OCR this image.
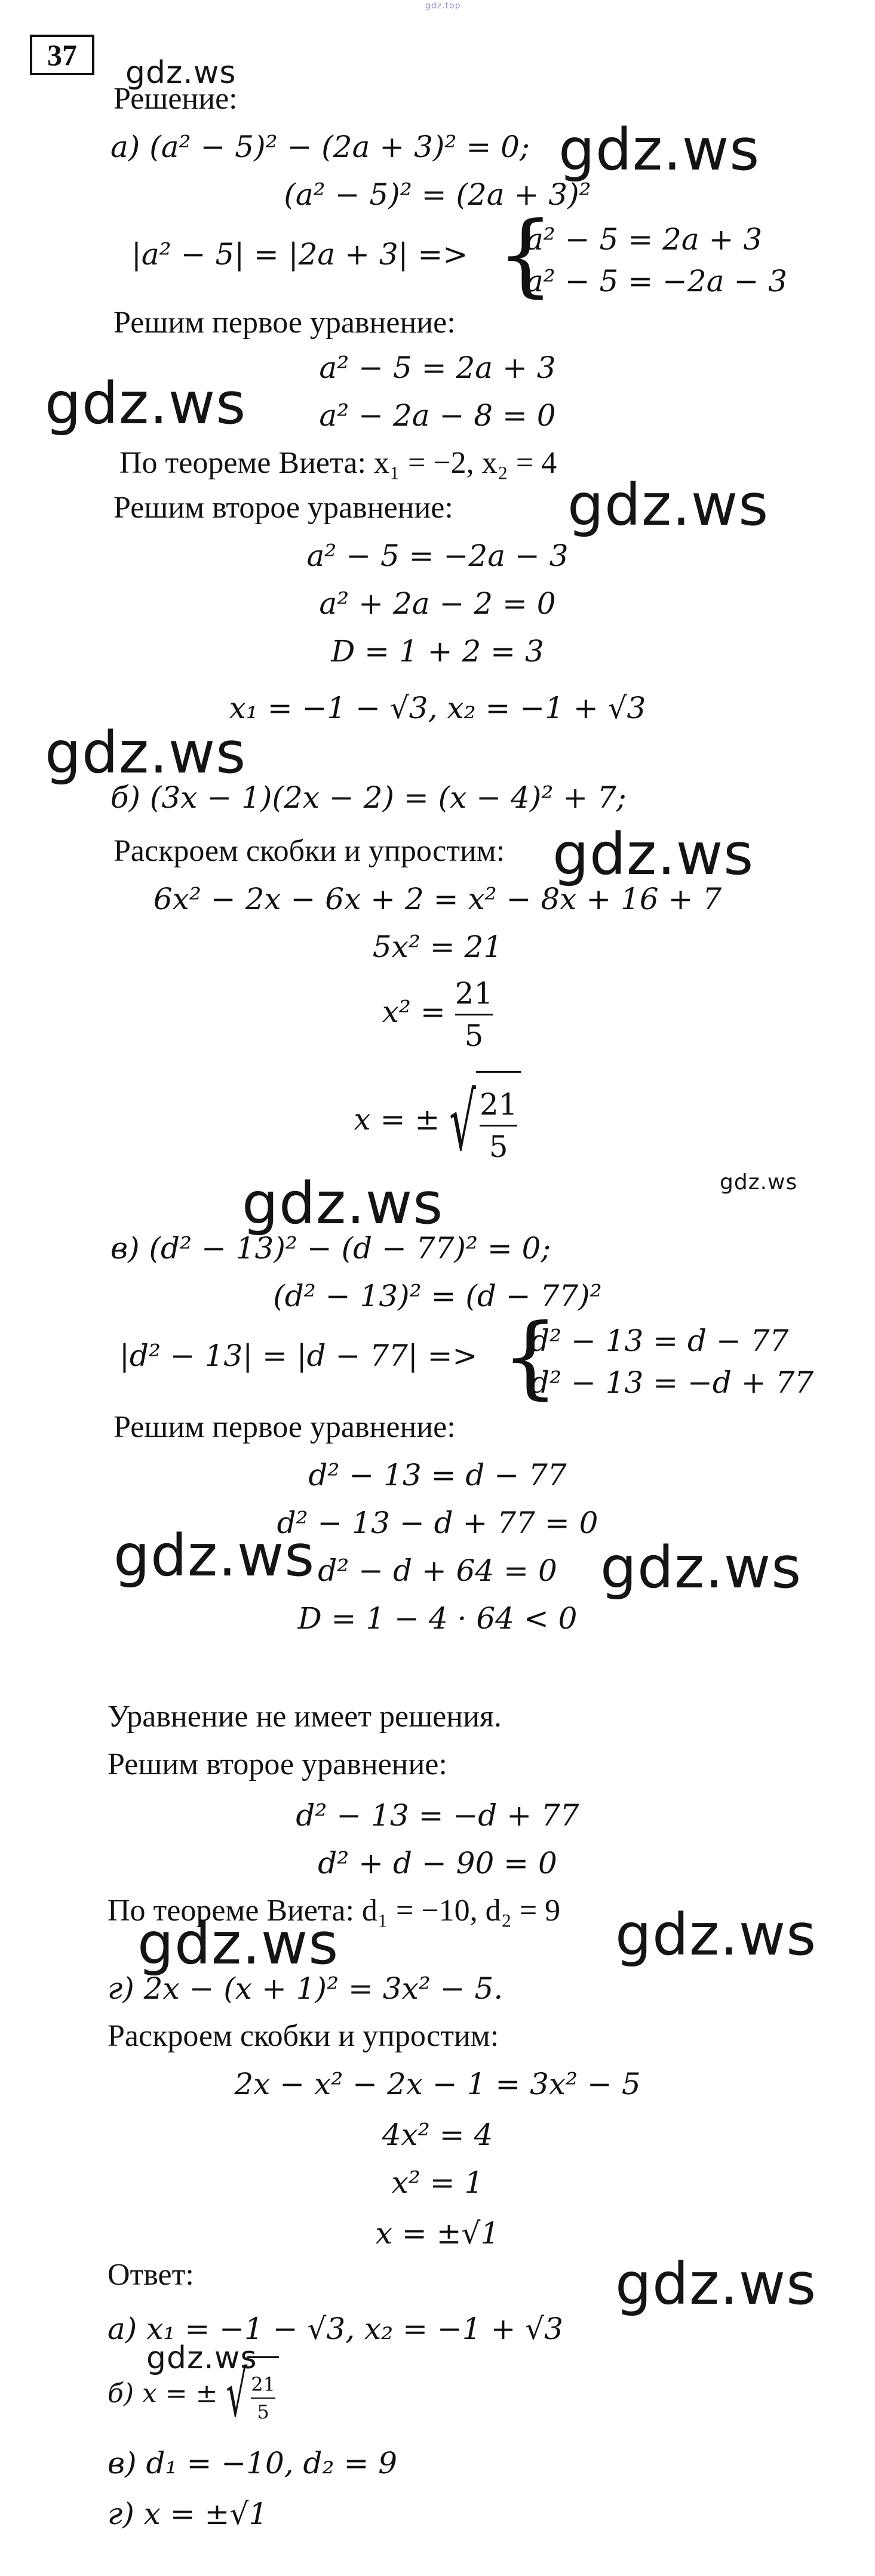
gdz.top
37	gdz.ws
gdz.ws
gdz.ws
gdz.ws
gdz.ws
gdz.ws
gdz.ws	gdz.ws
gdz.ws	gdz.ws
gdz.ws	gdz.ws
gdz.ws
gdz.ws
Решение:
а) (a² − 5)² − (2a + 3)² = 0;
(a² − 5)² = (2a + 3)²
|a² − 5| = |2a + 3| => {
a² − 5 = 2a + 3
a² − 5 = −2a − 3
Решим первое уравнение:
a² − 5 = 2a + 3
a² − 2a − 8 = 0
По теореме Виета: x₁ = −2, x₂ = 4
Решим второе уравнение:
a² − 5 = −2a − 3
a² + 2a − 2 = 0
D = 1 + 2 = 3
x₁ = −1 − √3, x₂ = −1 + √3
б) (3x − 1)(2x − 2) = (x − 4)² + 7;
Раскроем скобки и упростим:
6x² − 2x − 6x + 2 = x² − 8x + 16 + 7
5x² = 21
$x^2 = \frac{21}{5}$
x = ± √ $\frac{21}{5}$
в) (d² − 13)² − (d − 77)² = 0;
(d² − 13)² = (d − 77)²
|d² − 13| = |d − 77| => {
d² − 13 = d − 77
d² − 13 = −d + 77
Решим первое уравнение:
d² − 13 = d − 77
d² − 13 − d + 77 = 0
d² − d + 64 = 0
D = 1 − 4 · 64 < 0
Уравнение не имеет решения.
Решим второе уравнение:
d² − 13 = −d + 77
d² + d − 90 = 0
По теореме Виета: d₁ = −10, d₂ = 9
г) 2x − (x + 1)² = 3x² − 5.
Раскроем скобки и упростим:
2x − x² − 2x − 1 = 3x² − 5
4x² = 4
x² = 1
x = ±√1
Ответ:
а) x₁ = −1 − √3, x₂ = −1 + √3
б) x = ± √ $\frac{21}{5}$
в) d₁ = −10, d₂ = 9
г) x = ±√1
